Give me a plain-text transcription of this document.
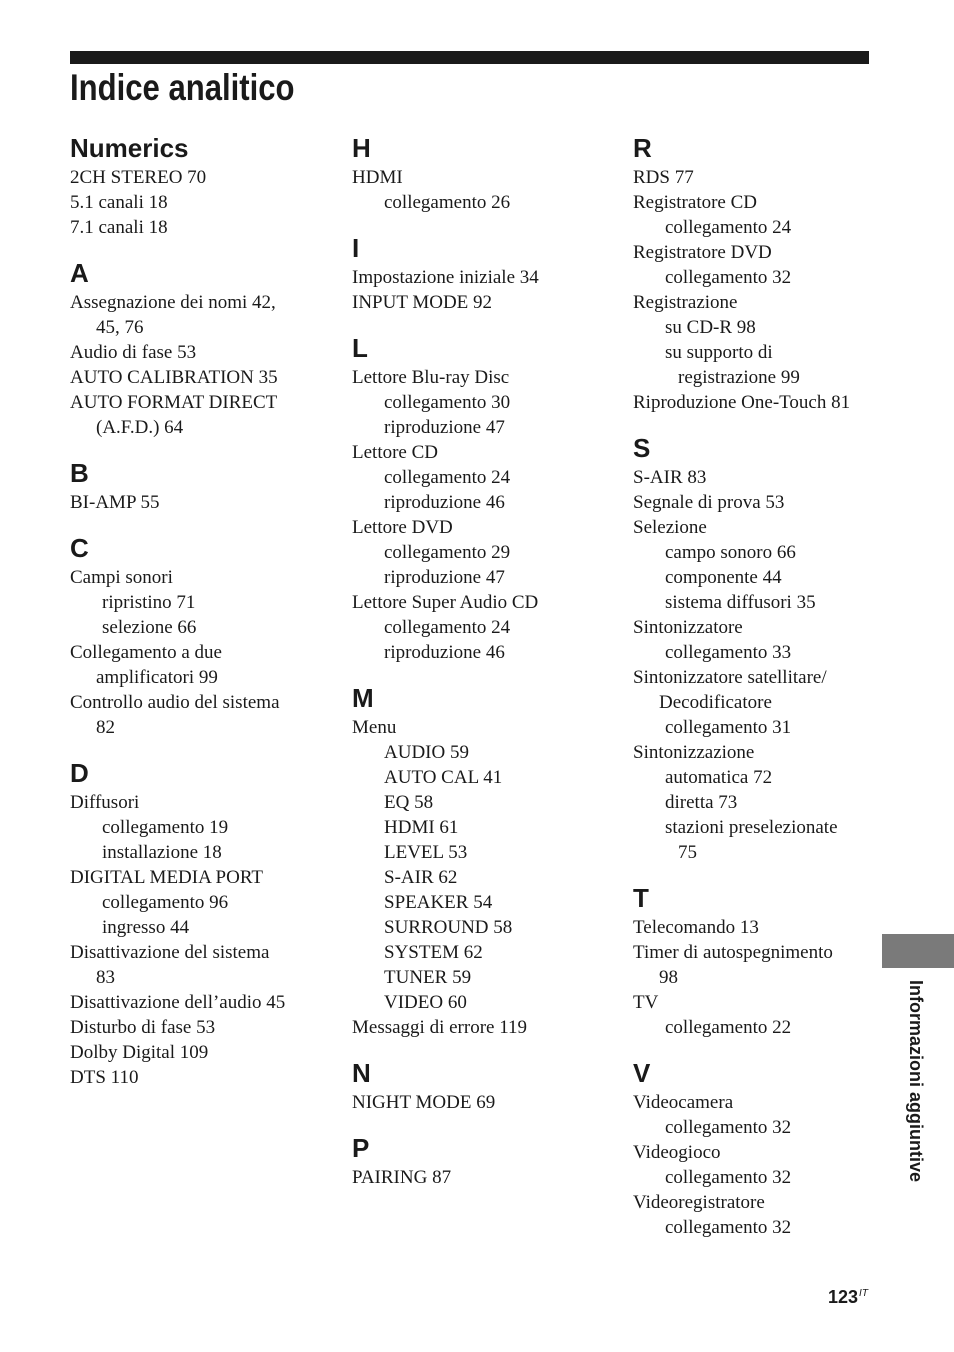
Indice analitico
Numerics
2CH STEREO 70
5.1 canali 18
7.1 canali 18
A
Assegnazione dei nomi 42,
45, 76
Audio di fase 53
AUTO CALIBRATION 35
AUTO FORMAT DIRECT
(A.F.D.) 64
B
BI-AMP 55
C
Campi sonori
ripristino 71
selezione 66
Collegamento a due
amplificatori 99
Controllo audio del sistema
82
D
Diffusori
collegamento 19
installazione 18
DIGITAL MEDIA PORT
collegamento 96
ingresso 44
Disattivazione del sistema
83
Disattivazione dell’audio 45
Disturbo di fase 53
Dolby Digital 109
DTS 110
H
HDMI
collegamento 26
I
Impostazione iniziale 34
INPUT MODE 92
L
Lettore Blu-ray Disc
collegamento 30
riproduzione 47
Lettore CD
collegamento 24
riproduzione 46
Lettore DVD
collegamento 29
riproduzione 47
Lettore Super Audio CD
collegamento 24
riproduzione 46
M
Menu
AUDIO 59
AUTO CAL 41
EQ 58
HDMI 61
LEVEL 53
S-AIR 62
SPEAKER 54
SURROUND 58
SYSTEM 62
TUNER 59
VIDEO 60
Messaggi di errore 119
N
NIGHT MODE 69
P
PAIRING 87
R
RDS 77
Registratore CD
collegamento 24
Registratore DVD
collegamento 32
Registrazione
su CD-R 98
su supporto di
registrazione 99
Riproduzione One-Touch 81
S
S-AIR 83
Segnale di prova 53
Selezione
campo sonoro 66
componente 44
sistema diffusori 35
Sintonizzatore
collegamento 33
Sintonizzatore satellitare/
Decodificatore
collegamento 31
Sintonizzazione
automatica 72
diretta 73
stazioni preselezionate
75
T
Telecomando 13
Timer di autospegnimento
98
TV
collegamento 22
V
Videocamera
collegamento 32
Videogioco
collegamento 32
Videoregistratore
collegamento 32
Informazioni aggiuntive
$123^{IT}$
